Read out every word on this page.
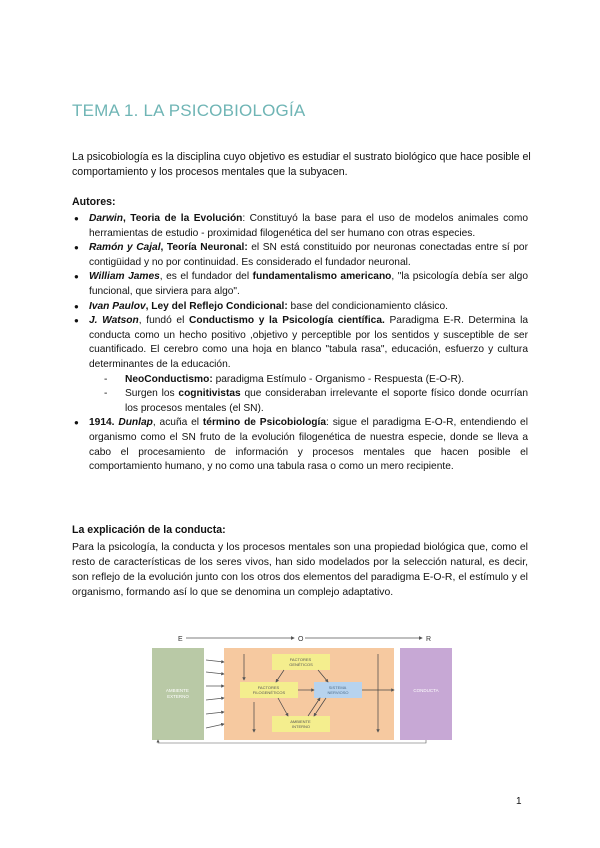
TEMA 1. LA PSICOBIOLOGÍA

La psicobiología es la disciplina cuyo objetivo es estudiar el sustrato biológico que hace posible el comportamiento y los procesos mentales que la subyacen.

Autores:

● Darwin, Teoria de la Evolución: Constituyó la base para el uso de modelos animales como herramientas de estudio - proximidad filogenética del ser humano con otras especies.
● Ramón y Cajal, Teoría Neuronal: el SN está constituido por neuronas conectadas entre sí por contigüidad y no por continuidad. Es considerado el fundador neuronal.
● William James, es el fundador del fundamentalismo americano, "la psicología debía ser algo funcional, que sirviera para algo".
● Ivan Paulov, Ley del Reflejo Condicional: base del condicionamiento clásico.
● J. Watson, fundó el Conductismo y la Psicología científica. Paradigma E-R. Determina la conducta como un hecho positivo ,objetivo y perceptible por los sentidos y susceptible de ser cuantificado. El cerebro como una hoja en blanco "tabula rasa", educación, esfuerzo y cultura determinantes de la educación.
- NeoConductismo: paradigma Estímulo - Organismo - Respuesta (E-O-R).
- Surgen los cognitivistas que consideraban irrelevante el soporte físico donde ocurrían los procesos mentales (el SN).
● 1914. Dunlap, acuña el término de Psicobiología: sigue el paradigma E-O-R, entendiendo el organismo como el SN fruto de la evolución filogenética de nuestra especie, donde se lleva a cabo el procesamiento de información y procesos mentales que hacen posible el comportamiento humano, y no como una tabula rasa o como un mero recipiente.

La explicación de la conducta:

Para la psicología, la conducta y los procesos mentales son una propiedad biológica que, como el resto de características de los seres vivos, han sido modelados por la selección natural, es decir, son reflejo de la evolución junto con los otros dos elementos del paradigma E-O-R, el estímulo y el organismo, formando así lo que se denomina un complejo adaptativo.

E	O	R
AMBIENTE EXTERNO
FACTORES GENÉTICOS
FACTORES FILOGENÉTICOS
SISTEMA NERVIOSO
AMBIENTE INTERNO
CONDUCTA

1
